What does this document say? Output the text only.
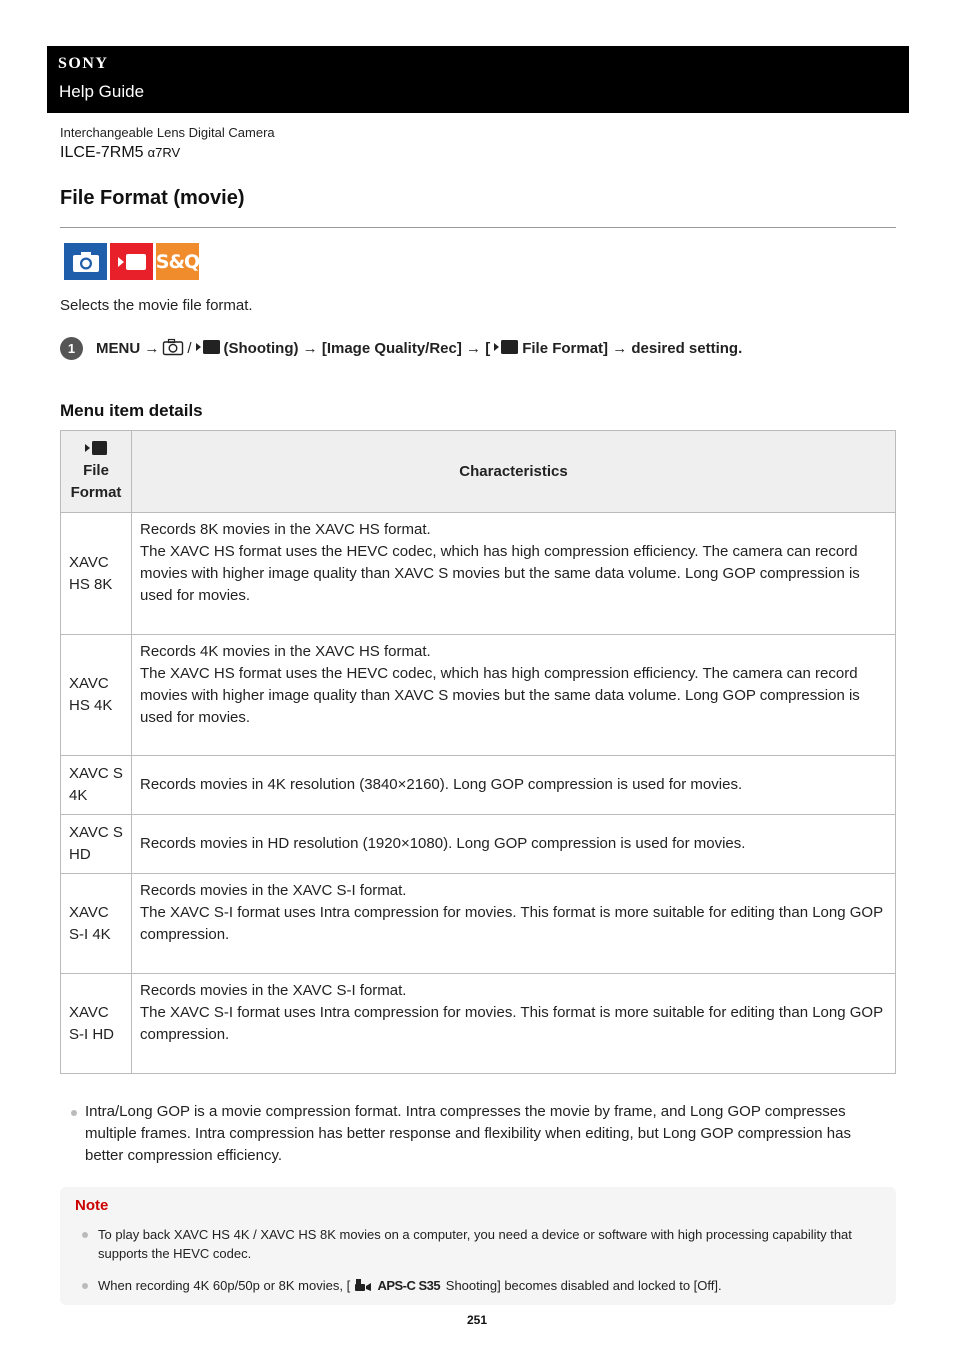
SONY
Help Guide
Interchangeable Lens Digital Camera
ILCE-7RM5 α7RV
File Format (movie)
S&Q

Selects the movie file format.

1	MENU → / (Shooting) → [Image Quality/Rec] → [ File Format] → desired setting.
Menu item details
File Format	Characteristics
XAVC HS 8K	Records 8K movies in the XAVC HS format.
The XAVC HS format uses the HEVC codec, which has high compression efficiency. The camera can record movies with higher image quality than XAVC S movies but the same data volume. Long GOP compression is used for movies.

XAVC HS 4K	Records 4K movies in the XAVC HS format.
The XAVC HS format uses the HEVC codec, which has high compression efficiency. The camera can record movies with higher image quality than XAVC S movies but the same data volume. Long GOP compression is used for movies.

XAVC S 4K	Records movies in 4K resolution (3840×2160). Long GOP compression is used for movies.
XAVC S HD	Records movies in HD resolution (1920×1080). Long GOP compression is used for movies.
XAVC S-I 4K	Records movies in the XAVC S-I format.
The XAVC S-I format uses Intra compression for movies. This format is more suitable for editing than Long GOP compression.

XAVC S-I HD	Records movies in the XAVC S-I format.
The XAVC S-I format uses Intra compression for movies. This format is more suitable for editing than Long GOP compression.
Intra/Long GOP is a movie compression format. Intra compresses the movie by frame, and Long GOP compresses multiple frames. Intra compression has better response and flexibility when editing, but Long GOP compression has better compression efficiency.
Note
To play back XAVC HS 4K / XAVC HS 8K movies on a computer, you need a device or software with high processing capability that supports the HEVC codec.
When recording 4K 60p/50p or 8K movies, [ APS-C S35 Shooting] becomes disabled and locked to [Off].
251
